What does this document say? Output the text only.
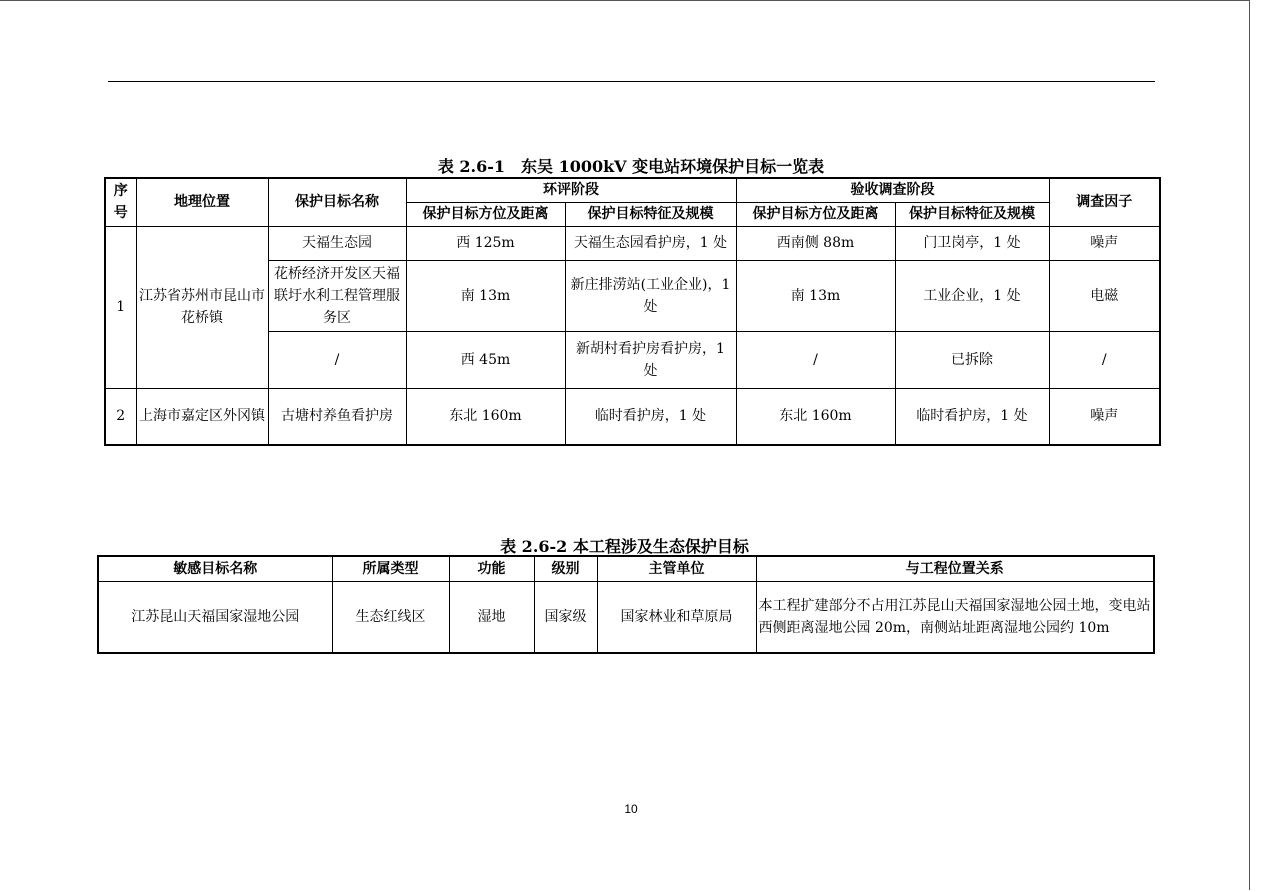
表 2.6-1　东吴 1000kV 变电站环境保护目标一览表
序号	地理位置	保护目标名称	环评阶段		验收调查阶段		调查因子
			保护目标方位及距离	保护目标特征及规模	保护目标方位及距离	保护目标特征及规模	
1	江苏省苏州市昆山市花桥镇	天福生态园	西 125m	天福生态园看护房，1 处	西南侧 88m	门卫岗亭，1 处	噪声
		花桥经济开发区天福联圩水利工程管理服务区	南 13m	新庄排涝站(工业企业)，1 处	南 13m	工业企业，1 处	电磁
		/	西 45m	新胡村看护房看护房，1 处	/	已拆除	/
2	上海市嘉定区外冈镇	古塘村养鱼看护房	东北 160m	临时看护房，1 处	东北 160m	临时看护房，1 处	噪声
表 2.6-2 本工程涉及生态保护目标
敏感目标名称	所属类型	功能	级别	主管单位	与工程位置关系
江苏昆山天福国家湿地公园	生态红线区	湿地	国家级	国家林业和草原局	本工程扩建部分不占用江苏昆山天福国家湿地公园土地，变电站西侧距离湿地公园 20m，南侧站址距离湿地公园约 10m
10
